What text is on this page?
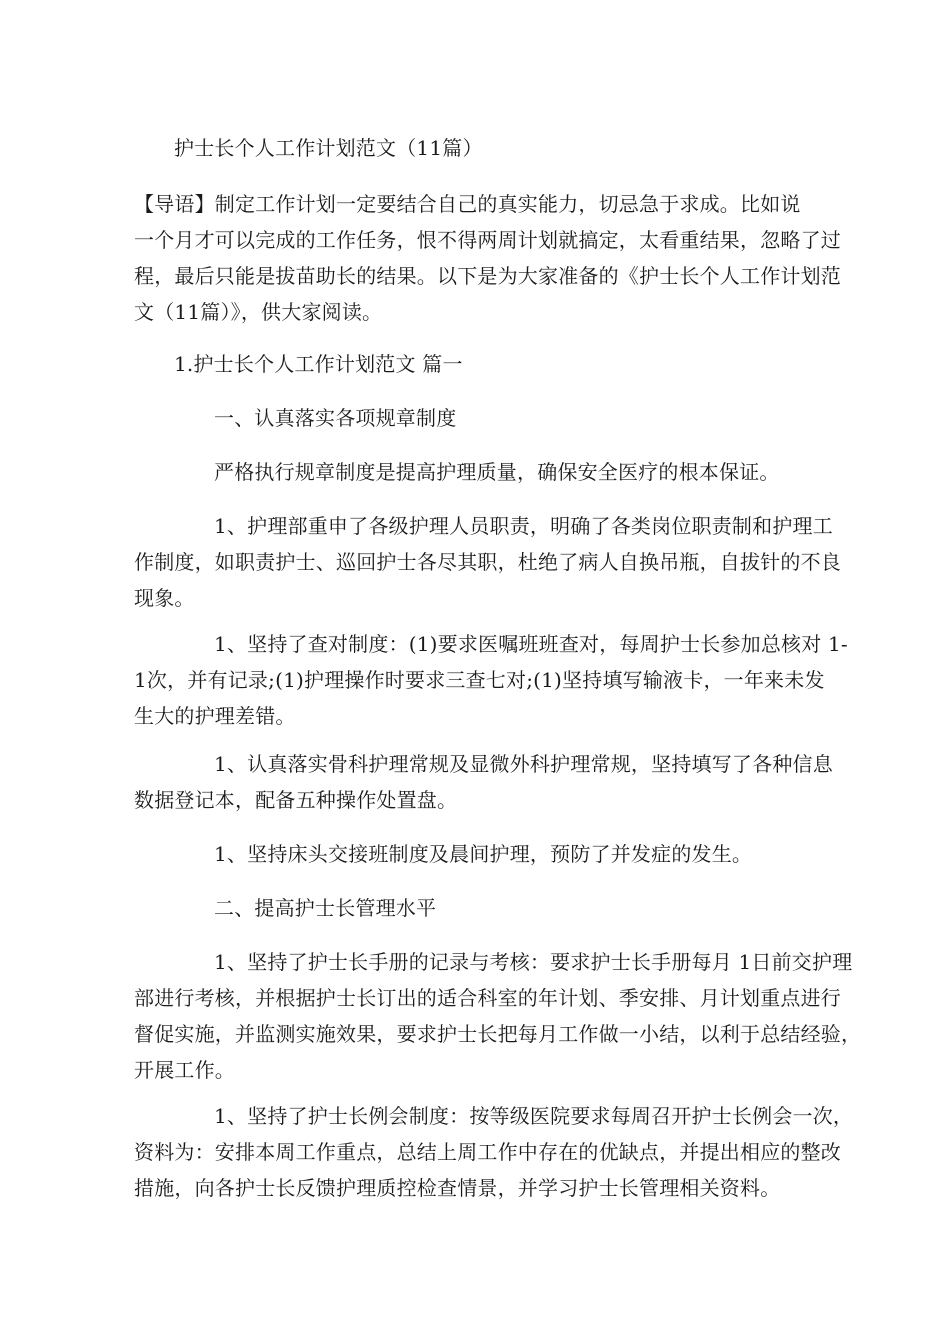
护士长个人工作计划范文（11篇）
【导语】制定工作计划一定要结合自己的真实能力，切忌急于求成。比如说
一个月才可以完成的工作任务，恨不得两周计划就搞定，太看重结果，忽略了过
程，最后只能是拔苗助长的结果。以下是为大家准备的《护士长个人工作计划范
文（11篇）》，供大家阅读。
1.护士长个人工作计划范文 篇一
一、认真落实各项规章制度
严格执行规章制度是提高护理质量，确保安全医疗的根本保证。
1、护理部重申了各级护理人员职责，明确了各类岗位职责制和护理工
作制度，如职责护士、巡回护士各尽其职，杜绝了病人自换吊瓶，自拔针的不良
现象。
1、坚持了查对制度：(1)要求医嘱班班查对，每周护士长参加总核对 1-
1次，并有记录;(1)护理操作时要求三查七对;(1)坚持填写输液卡，一年来未发
生大的护理差错。
1、认真落实骨科护理常规及显微外科护理常规，坚持填写了各种信息
数据登记本，配备五种操作处置盘。
1、坚持床头交接班制度及晨间护理，预防了并发症的发生。
二、提高护士长管理水平
1、坚持了护士长手册的记录与考核：要求护士长手册每月 1日前交护理
部进行考核，并根据护士长订出的适合科室的年计划、季安排、月计划重点进行
督促实施，并监测实施效果，要求护士长把每月工作做一小结，以利于总结经验，
开展工作。
1、坚持了护士长例会制度：按等级医院要求每周召开护士长例会一次，
资料为：安排本周工作重点，总结上周工作中存在的优缺点，并提出相应的整改
措施，向各护士长反馈护理质控检查情景，并学习护士长管理相关资料。
